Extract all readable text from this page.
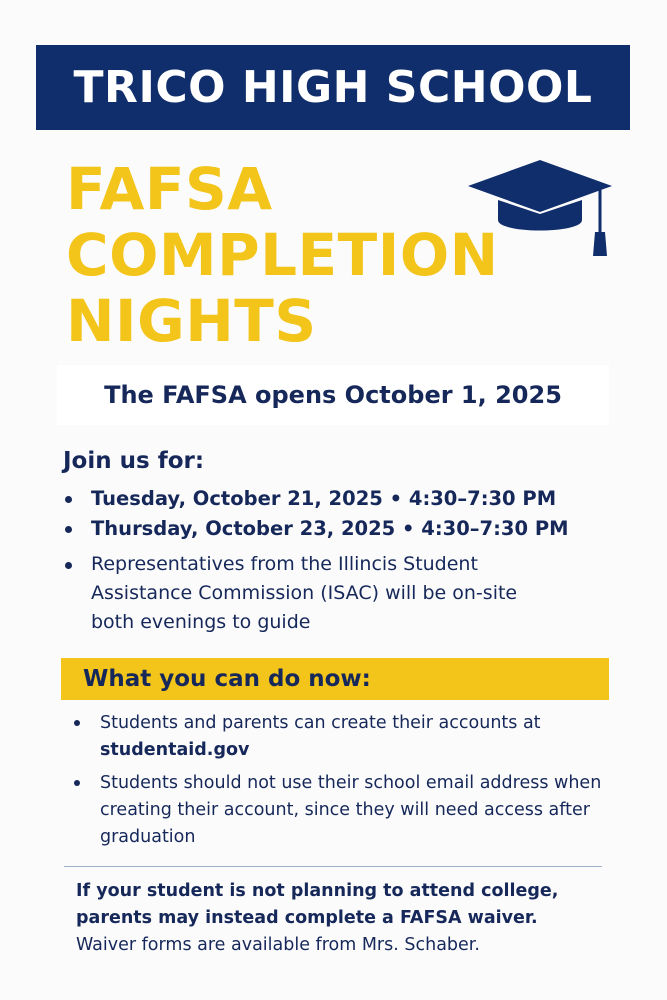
TRICO HIGH SCHOOL
FAFSA
COMPLETION
NIGHTS
The FAFSA opens October 1, 2025
Join us for:
Tuesday, October 21, 2025 • 4:30–7:30 PM
Thursday, October 23, 2025 • 4:30–7:30 PM
Representatives from the Illincis Student Assistance Commission (ISAC) will be on-site both evenings to guide
What you can do now:
Students and parents can create their accounts at studentaid.gov
Students should not use their school email address when creating their account, since they will need access after graduation
If your student is not planning to attend college,
parents may instead complete a FAFSA waiver.
Waiver forms are available from Mrs. Schaber.
